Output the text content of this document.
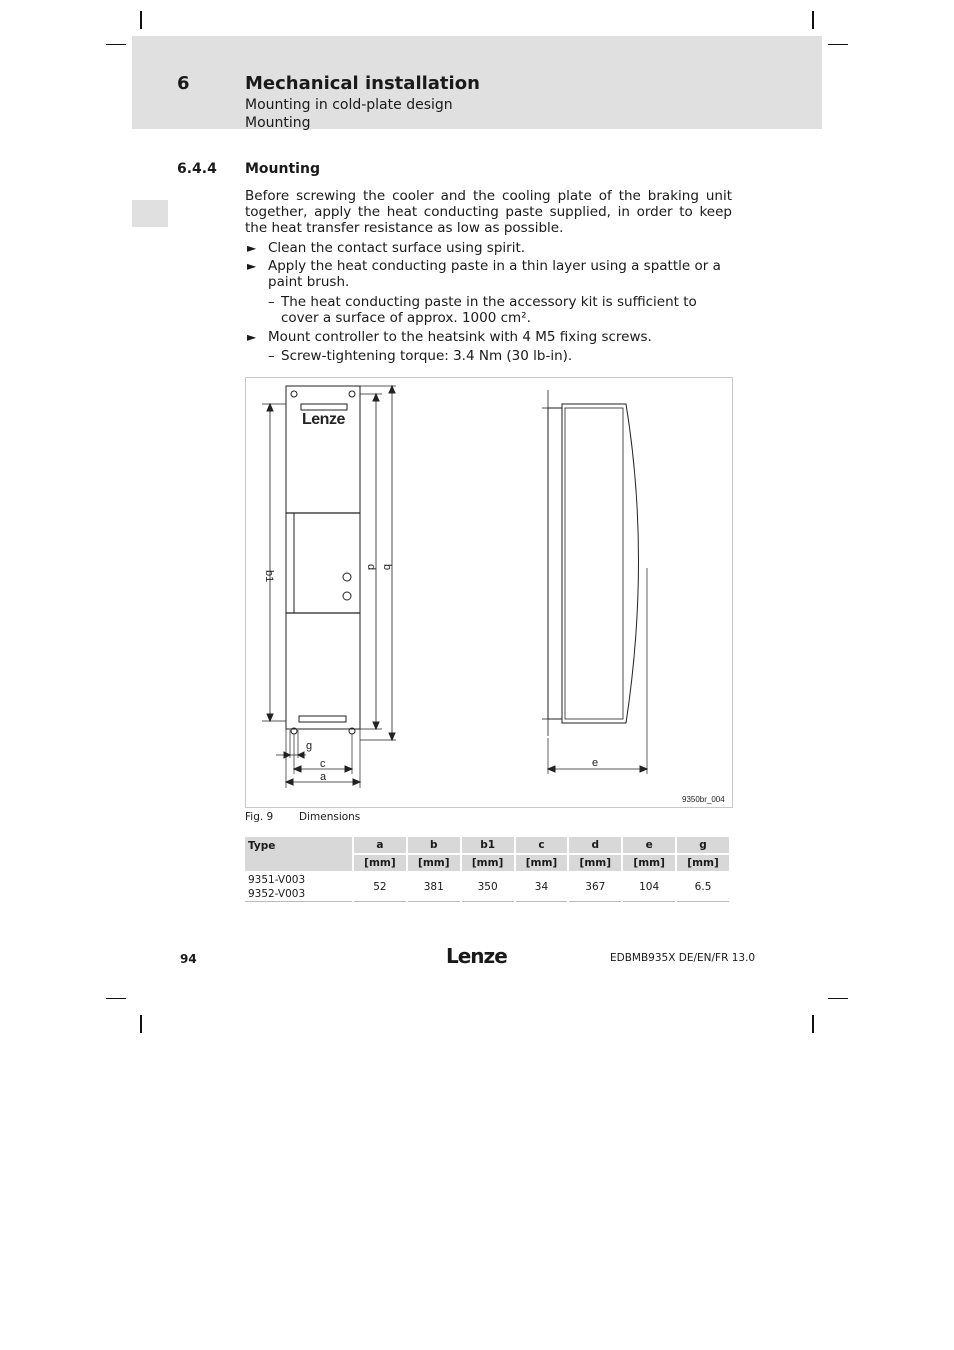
6	Mechanical installation
Mounting in cold-plate design
Mounting
6.4.4 Mounting
Before screwing the cooler and the cooling plate of the braking unit together, apply the heat conducting paste supplied, in order to keep the heat transfer resistance as low as possible.
► Clean the contact surface using spirit.
► Apply the heat conducting paste in a thin layer using a spattle or a paint brush.
– The heat conducting paste in the accessory kit is sufficient to cover a surface of approx. 1000 cm².
► Mount controller to the heatsink with 4 M5 fixing screws.
– Screw-tightening torque: 3.4 Nm (30 lb-in).
Lenze
b1
d b
a
c
g
e
9350br_004
Fig. 9 Dimensions
Type	a	b	b1	c	d	e	g
	[mm]	[mm]	[mm]	[mm]	[mm]	[mm]	[mm]
9351-V003
9352-V003	52	381	350	34	367	104	6.5
94	Lenze	EDBMB935X DE/EN/FR 13.0
